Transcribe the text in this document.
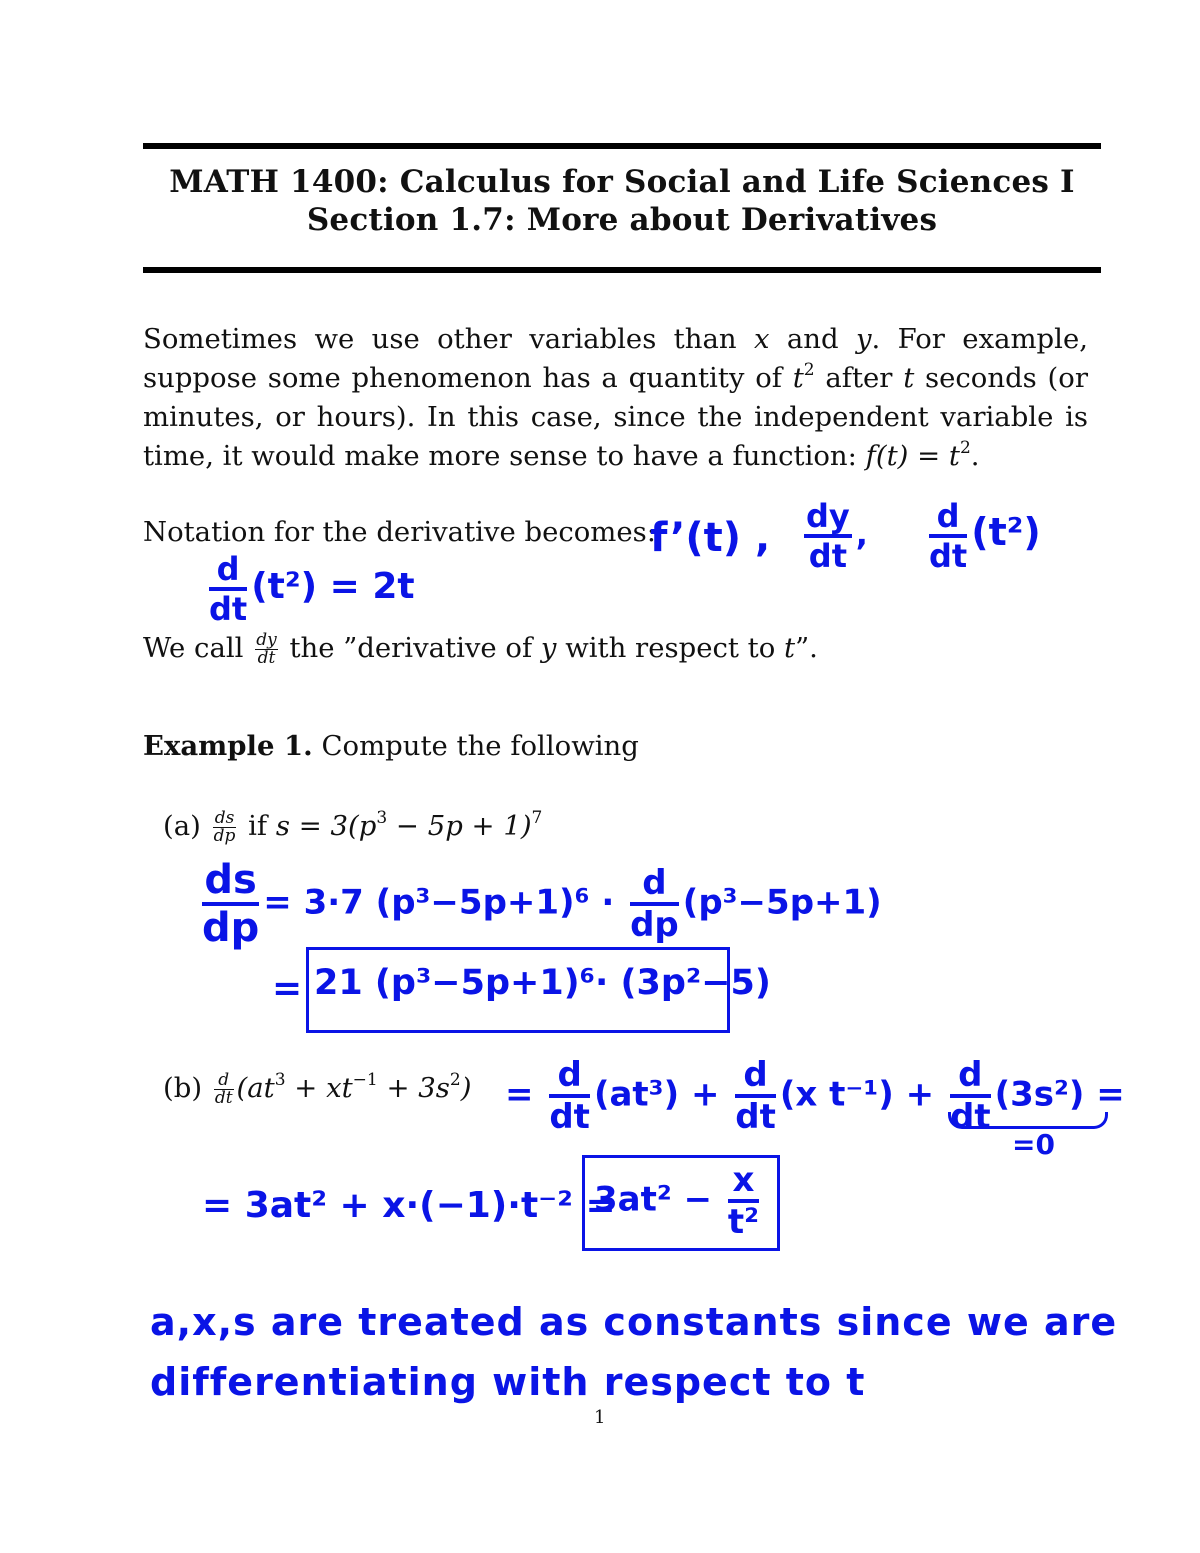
MATH 1400: Calculus for Social and Life Sciences I
Section 1.7: More about Derivatives
Sometimes we use other variables than x and y. For example, suppose some phenomenon has a quantity of $t^2$ after t seconds (or minutes, or hours). In this case, since the independent variable is time, it would make more sense to have a function: $f(t) = t^2$.
Notation for the derivative becomes:
f’(t) , $\frac{dy}{dt}$ , $\frac{d}{dt} (t^2)$
$\frac{d}{dt} (t^2) = 2t$
We call $\frac{dy}{dt}$ the ”derivative of y with respect to t”.
Example 1. Compute the following
$(a) \frac{ds}{dp}$ if $s = 3(p^3 - 5p + 1)^7$
$\frac{ds}{dp} = 3\cdot 7$ $(p^3-5p+1)^6 \cdot \frac{d}{dp} (p^3-5p+1)$
= 21 (p³−5p+1)⁶· (3p²−5)
$(b) \frac{d}{dt} (at^3 + xt^{-1} + 3s^2) = \frac{d}{dt} (at^3) + \frac{d}{dt} (x$ $t^{-1}) + \frac{d}{dt} (3s^2)$ =
=0
= 3at² + x·(−1)·t⁻² =
$3at^2 - \frac{x}{\text{t²}}$
a,x,s are treated as constants since we are
differentiating with respect to t
1
